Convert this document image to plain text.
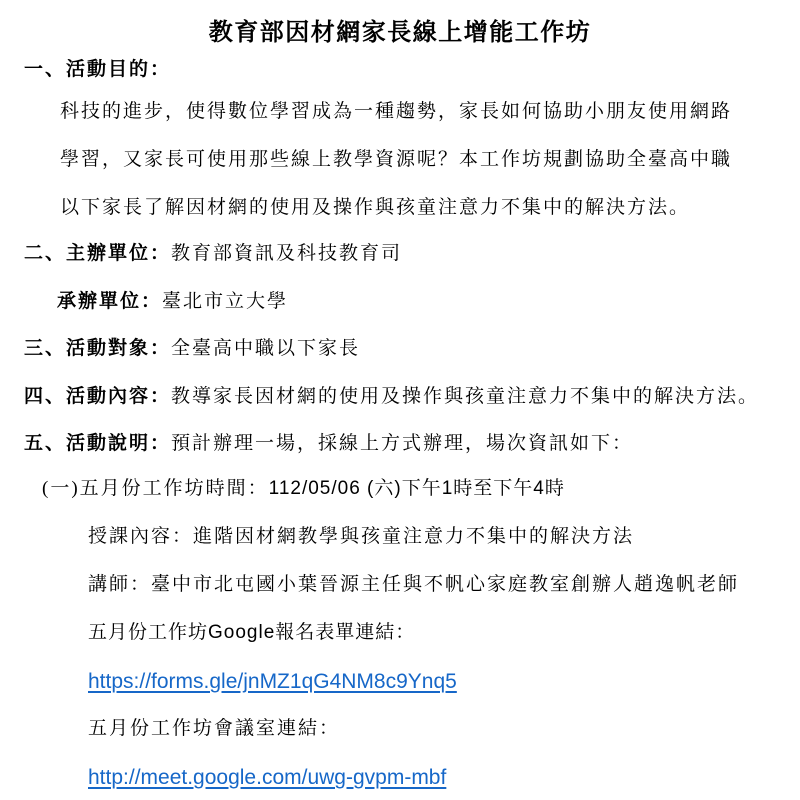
教育部因材網家長線上增能工作坊
一、活動目的：
科技的進步，使得數位學習成為一種趨勢，家長如何協助小朋友使用網路
學習，又家長可使用那些線上教學資源呢？本工作坊規劃協助全臺高中職
以下家長了解因材網的使用及操作與孩童注意力不集中的解決方法。
二、主辦單位：教育部資訊及科技教育司
承辦單位：臺北市立大學
三、活動對象：全臺高中職以下家長
四、活動內容：教導家長因材網的使用及操作與孩童注意力不集中的解決方法。
五、活動說明：預計辦理一場，採線上方式辦理，場次資訊如下：
(一)五月份工作坊時間：112/05/06 (六)下午1時至下午4時
授課內容：進階因材網教學與孩童注意力不集中的解決方法
講師：臺中市北屯國小葉晉源主任與不帆心家庭教室創辦人趙逸帆老師
五月份工作坊Google報名表單連結：
https://forms.gle/jnMZ1qG4NM8c9Ynq5
五月份工作坊會議室連結：
http://meet.google.com/uwg-gvpm-mbf
